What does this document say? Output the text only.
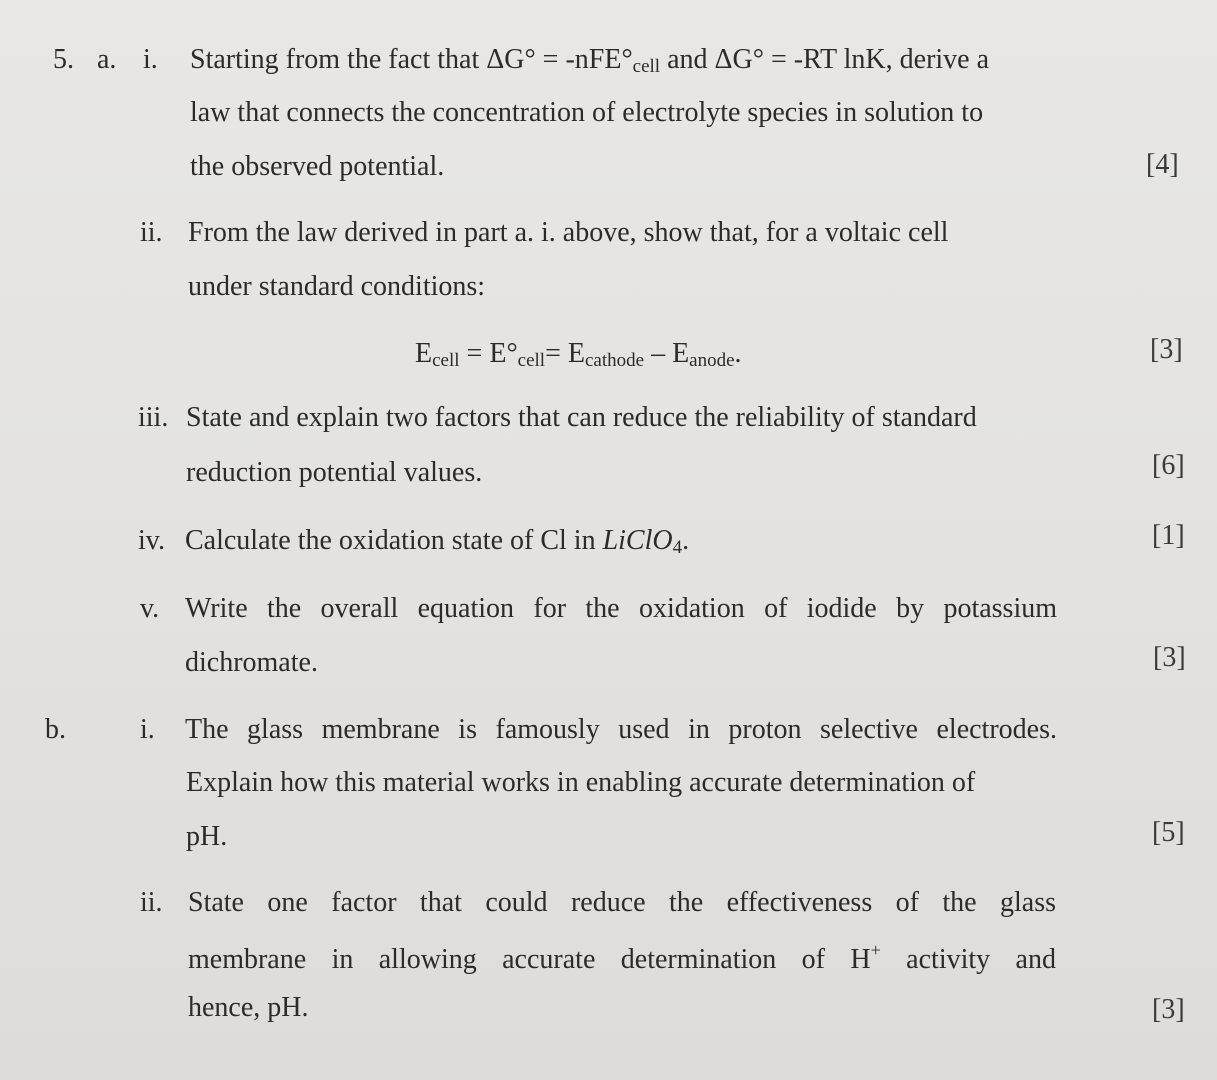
5. a. i. Starting from the fact that $\Delta G^\circ = -nFE^\circ_{cell}$ and ΔG° = -RT lnK, derive a
law that connects the concentration of electrolyte species in solution to
the observed potential.	[4]
ii. From the law derived in part a. i. above, show that, for a voltaic cell
under standard conditions:
$E_{cell} = E^\circ_{cell}= E_{cathode} - E_{anode}$.	[3]
iii. State and explain two factors that can reduce the reliability of standard
reduction potential values.	[6]
iv. Calculate the oxidation state of Cl in LiClO$_4$.	[1]
v. Write the overall equation for the oxidation of iodide by potassium
dichromate.	[3]
b.	i. The glass membrane is famously used in proton selective electrodes.
Explain how this material works in enabling accurate determination of
pH.	[5]
ii. State one factor that could reduce the effectiveness of the glass
membrane in allowing accurate determination of H+ activity and
hence, pH.	[3]
